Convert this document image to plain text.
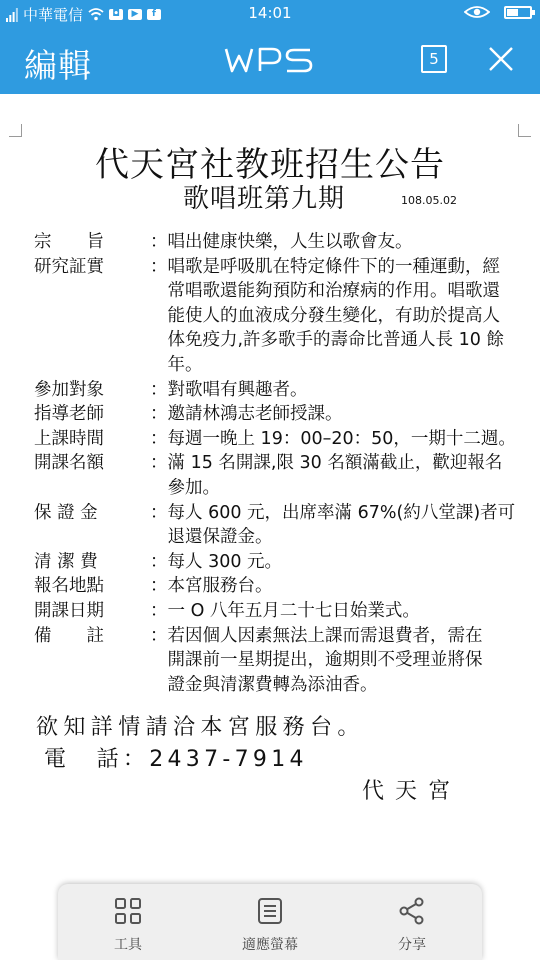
中華電信	◘	▶	f	14:01
編輯	5
代天宮社教班招生公告
歌唱班第九期	108.05.02
宗　　旨	： 唱出健康快樂，人生以歌會友。
研究証實	： 唱歌是呼吸肌在特定條件下的一種運動，經
常唱歌還能夠預防和治療病的作用。唱歌還
能使人的血液成分發生變化，有助於提高人
体免疫力,許多歌手的壽命比普通人長 10 餘
年。
參加對象	： 對歌唱有興趣者。
指導老師	： 邀請林鴻志老師授課。
上課時間	： 每週一晚上 19：00–20：50，一期十二週。
開課名額	： 滿 15 名開課,限 30 名額滿截止，歡迎報名
參加。
保 證 金	： 每人 600 元，出席率滿 67%(約八堂課)者可
退還保證金。
清 潔 費	： 每人 300 元。
報名地點	： 本宮服務台。
開課日期	： 一 О 八年五月二十七日始業式。
備　　註	： 若因個人因素無法上課而需退費者，需在
開課前一星期提出，逾期則不受理並將保
證金與清潔費轉為添油香。
欲知詳情請洽本宮服務台。
電　話：2437-7914
代天宮
工具	適應螢幕	分享
